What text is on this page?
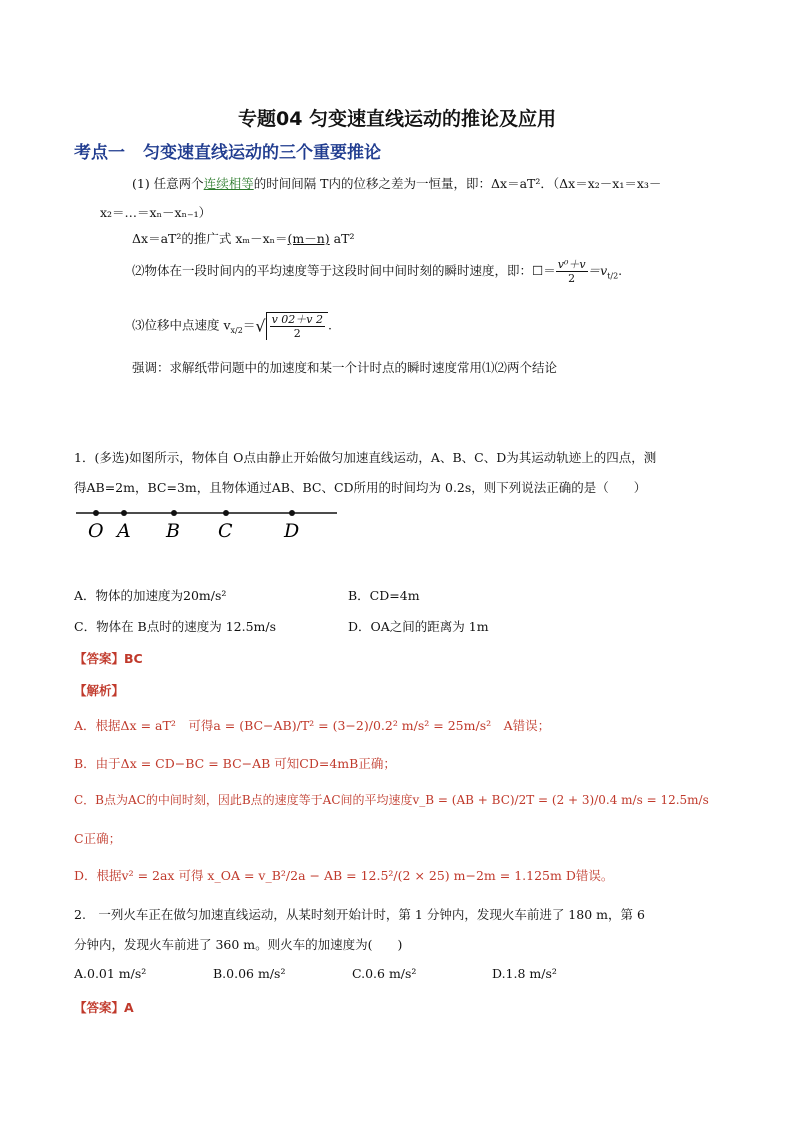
专题04 匀变速直线运动的推论及应用
考点一 匀变速直线运动的三个重要推论
(1) 任意两个连续相等的时间间隔 T内的位移之差为一恒量，即：Δx＝aT²．（Δx＝x₂－x₁＝x₃－
x₂＝…＝xₙ－xₙ₋₁）
Δx＝aT²的推广式 xₘ－xₙ＝(m－n) aT²
⑵物体在一段时间内的平均速度等于这段时间中间时刻的瞬时速度，即：☐＝ $\frac{\text{v⁰＋v}}{2} =v_{t/2}$.
⑶位移中点速度 $v_{x/2}=√ \frac{v 02+v 2}{2}$ .
强调：求解纸带问题中的加速度和某一个计时点的瞬时速度常用⑴⑵两个结论
1．(多选)如图所示，物体自 O点由静止开始做匀加速直线运动，A、B、C、D为其运动轨迹上的四点，测
得AB=2m，BC=3m，且物体通过AB、BC、CD所用的时间均为 0.2s，则下列说法正确的是（　　）
O A B C	D
A．物体的加速度为20m/s²	B．CD=4m
C．物体在 B点时的速度为 12.5m/s	D．OA之间的距离为 1m
【答案】BC
【解析】
A．根据Δx = aT²　可得a = (BC−AB)/T² = (3−2)/0.2² m/s² = 25m/s²　A错误；
B．由于Δx = CD−BC = BC−AB 可知CD=4mB正确；
C．B点为AC的中间时刻，因此B点的速度等于AC间的平均速度v_B = (AB + BC)/2T = (2 + 3)/0.4 m/s = 12.5m/s
C正确；
D．根据v² = 2ax 可得 x_OA = v_B²/2a − AB = 12.5²/(2 × 25) m−2m = 1.125m D错误。
2.　一列火车正在做匀加速直线运动，从某时刻开始计时，第 1 分钟内，发现火车前进了 180 m，第 6
分钟内，发现火车前进了 360 m。则火车的加速度为(　　)
A.0.01 m/s²	B.0.06 m/s²	C.0.6 m/s²	D.1.8 m/s²
【答案】A
